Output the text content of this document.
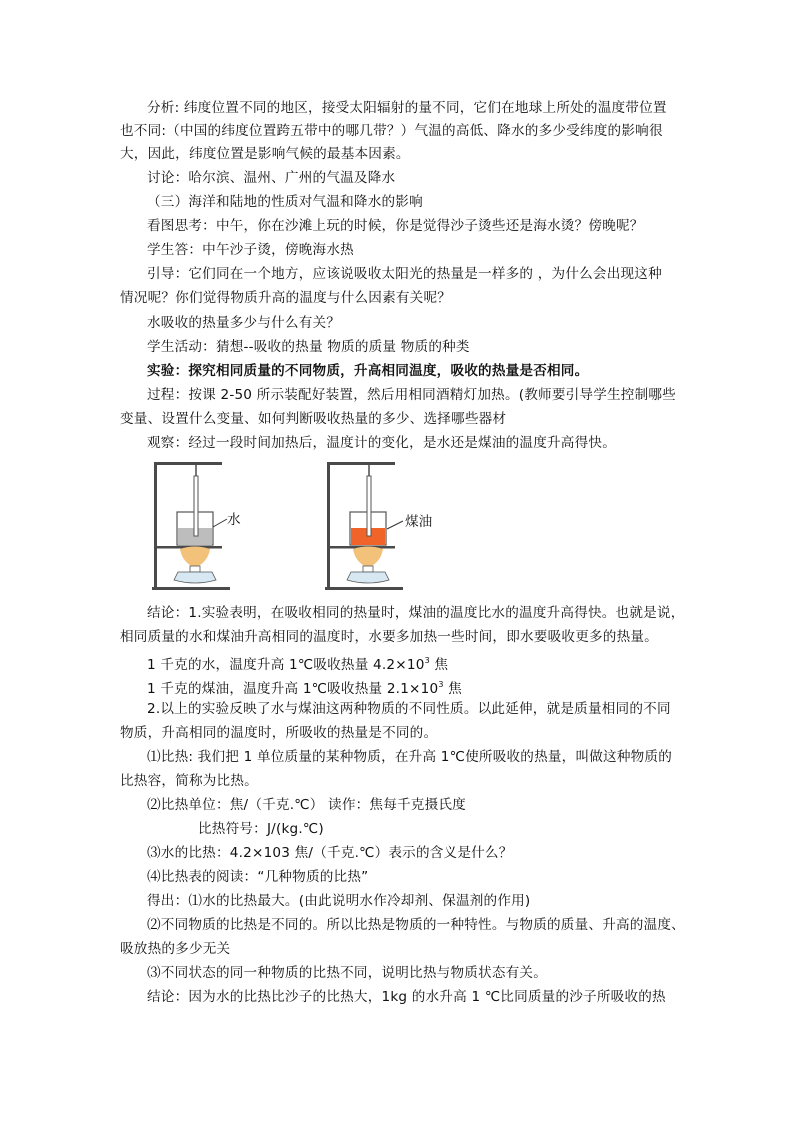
分析: 纬度位置不同的地区，接受太阳辐射的量不同，它们在地球上所处的温度带位置
也不同:（中国的纬度位置跨五带中的哪几带？）气温的高低、降水的多少受纬度的影响很
大，因此，纬度位置是影响气候的最基本因素。
讨论：哈尔滨、温州、广州的气温及降水
（三）海洋和陆地的性质对气温和降水的影响
看图思考：中午，你在沙滩上玩的时候，你是觉得沙子烫些还是海水烫？傍晚呢？
学生答：中午沙子烫，傍晚海水热
引导：它们同在一个地方，应该说吸收太阳光的热量是一样多的 ，为什么会出现这种
情况呢？你们觉得物质升高的温度与什么因素有关呢？
水吸收的热量多少与什么有关？
学生活动：猜想--吸收的热量 物质的质量 物质的种类
实验：探究相同质量的不同物质，升高相同温度，吸收的热量是否相同。
过程：按课 2-50 所示装配好装置，然后用相同酒精灯加热。(教师要引导学生控制哪些
变量、设置什么变量、如何判断吸收热量的多少、选择哪些器材
观察：经过一段时间加热后，温度计的变化，是水还是煤油的温度升高得快。
水	煤油
结论：1.实验表明，在吸收相同的热量时，煤油的温度比水的温度升高得快。也就是说，
相同质量的水和煤油升高相同的温度时，水要多加热一些时间，即水要吸收更多的热量。
1 千克的水，温度升高 1℃吸收热量 $4.2\times 10^3$ 焦
1 千克的煤油，温度升高 1℃吸收热量 $2.1\times 10^3$ 焦
2.以上的实验反映了水与煤油这两种物质的不同性质。以此延伸，就是质量相同的不同
物质，升高相同的温度时，所吸收的热量是不同的。
⑴比热: 我们把 1 单位质量的某种物质，在升高 1℃使所吸收的热量，叫做这种物质的
比热容，简称为比热。
⑵比热单位：焦/（千克.℃） 读作：焦每千克摄氏度
比热符号：J/(kg.℃)
⑶水的比热：4.2×103 焦/（千克.℃）表示的含义是什么？
⑷比热表的阅读：“几种物质的比热”
得出：⑴水的比热最大。(由此说明水作冷却剂、保温剂的作用)
⑵不同物质的比热是不同的。所以比热是物质的一种特性。与物质的质量、升高的温度、
吸放热的多少无关
⑶不同状态的同一种物质的比热不同，说明比热与物质状态有关。
结论：因为水的比热比沙子的比热大，1kg 的水升高 1 ℃比同质量的沙子所吸收的热
